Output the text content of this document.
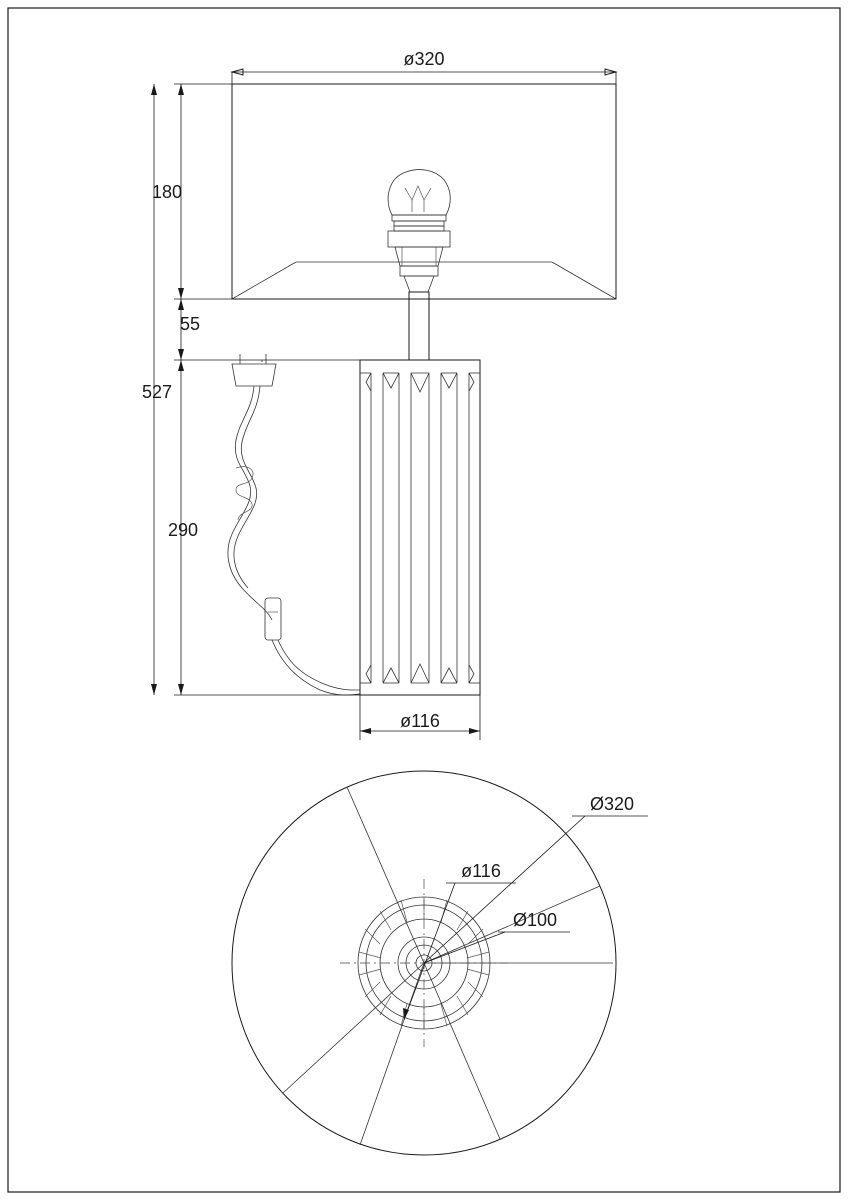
180
55
290
527
ø116
ø320
Ø320
ø116
Ø100
